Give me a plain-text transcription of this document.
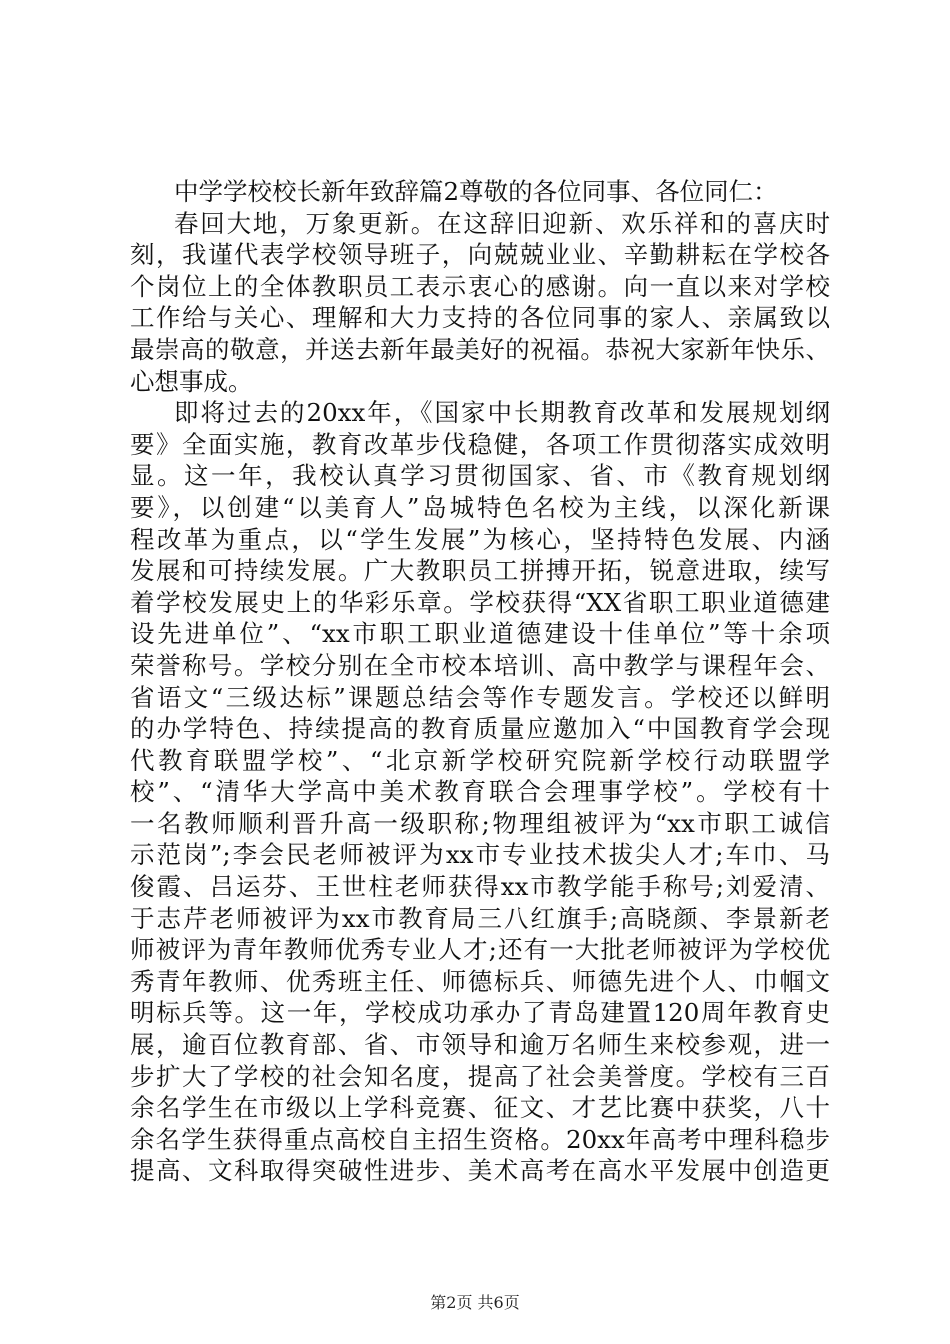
中学学校校长新年致辞篇2尊敬的各位同事、各位同仁：
春回大地，万象更新。在这辞旧迎新、欢乐祥和的喜庆时
刻，我谨代表学校领导班子，向兢兢业业、辛勤耕耘在学校各
个岗位上的全体教职员工表示衷心的感谢。向一直以来对学校
工作给与关心、理解和大力支持的各位同事的家人、亲属致以
最崇高的敬意，并送去新年最美好的祝福。恭祝大家新年快乐、
心想事成。
即将过去的20xx年，《国家中长期教育改革和发展规划纲
要》全面实施，教育改革步伐稳健，各项工作贯彻落实成效明
显。这一年，我校认真学习贯彻国家、省、市《教育规划纲
要》，以创建“以美育人”岛城特色名校为主线，以深化新课
程改革为重点，以“学生发展”为核心，坚持特色发展、内涵
发展和可持续发展。广大教职员工拼搏开拓，锐意进取，续写
着学校发展史上的华彩乐章。学校获得“XX省职工职业道德建
设先进单位”、“xx市职工职业道德建设十佳单位”等十余项
荣誉称号。学校分别在全市校本培训、高中教学与课程年会、
省语文“三级达标”课题总结会等作专题发言。学校还以鲜明
的办学特色、持续提高的教育质量应邀加入“中国教育学会现
代教育联盟学校”、“北京新学校研究院新学校行动联盟学
校”、“清华大学高中美术教育联合会理事学校”。学校有十
一名教师顺利晋升高一级职称;物理组被评为“xx市职工诚信
示范岗”;李会民老师被评为xx市专业技术拔尖人才;车巾、马
俊霞、吕运芬、王世柱老师获得xx市教学能手称号;刘爱清、
于志芹老师被评为xx市教育局三八红旗手;高晓颜、李景新老
师被评为青年教师优秀专业人才;还有一大批老师被评为学校优
秀青年教师、优秀班主任、师德标兵、师德先进个人、巾帼文
明标兵等。这一年，学校成功承办了青岛建置120周年教育史
展，逾百位教育部、省、市领导和逾万名师生来校参观，进一
步扩大了学校的社会知名度，提高了社会美誉度。学校有三百
余名学生在市级以上学科竞赛、征文、才艺比赛中获奖，八十
余名学生获得重点高校自主招生资格。20xx年高考中理科稳步
提高、文科取得突破性进步、美术高考在高水平发展中创造更
第2页 共6页
